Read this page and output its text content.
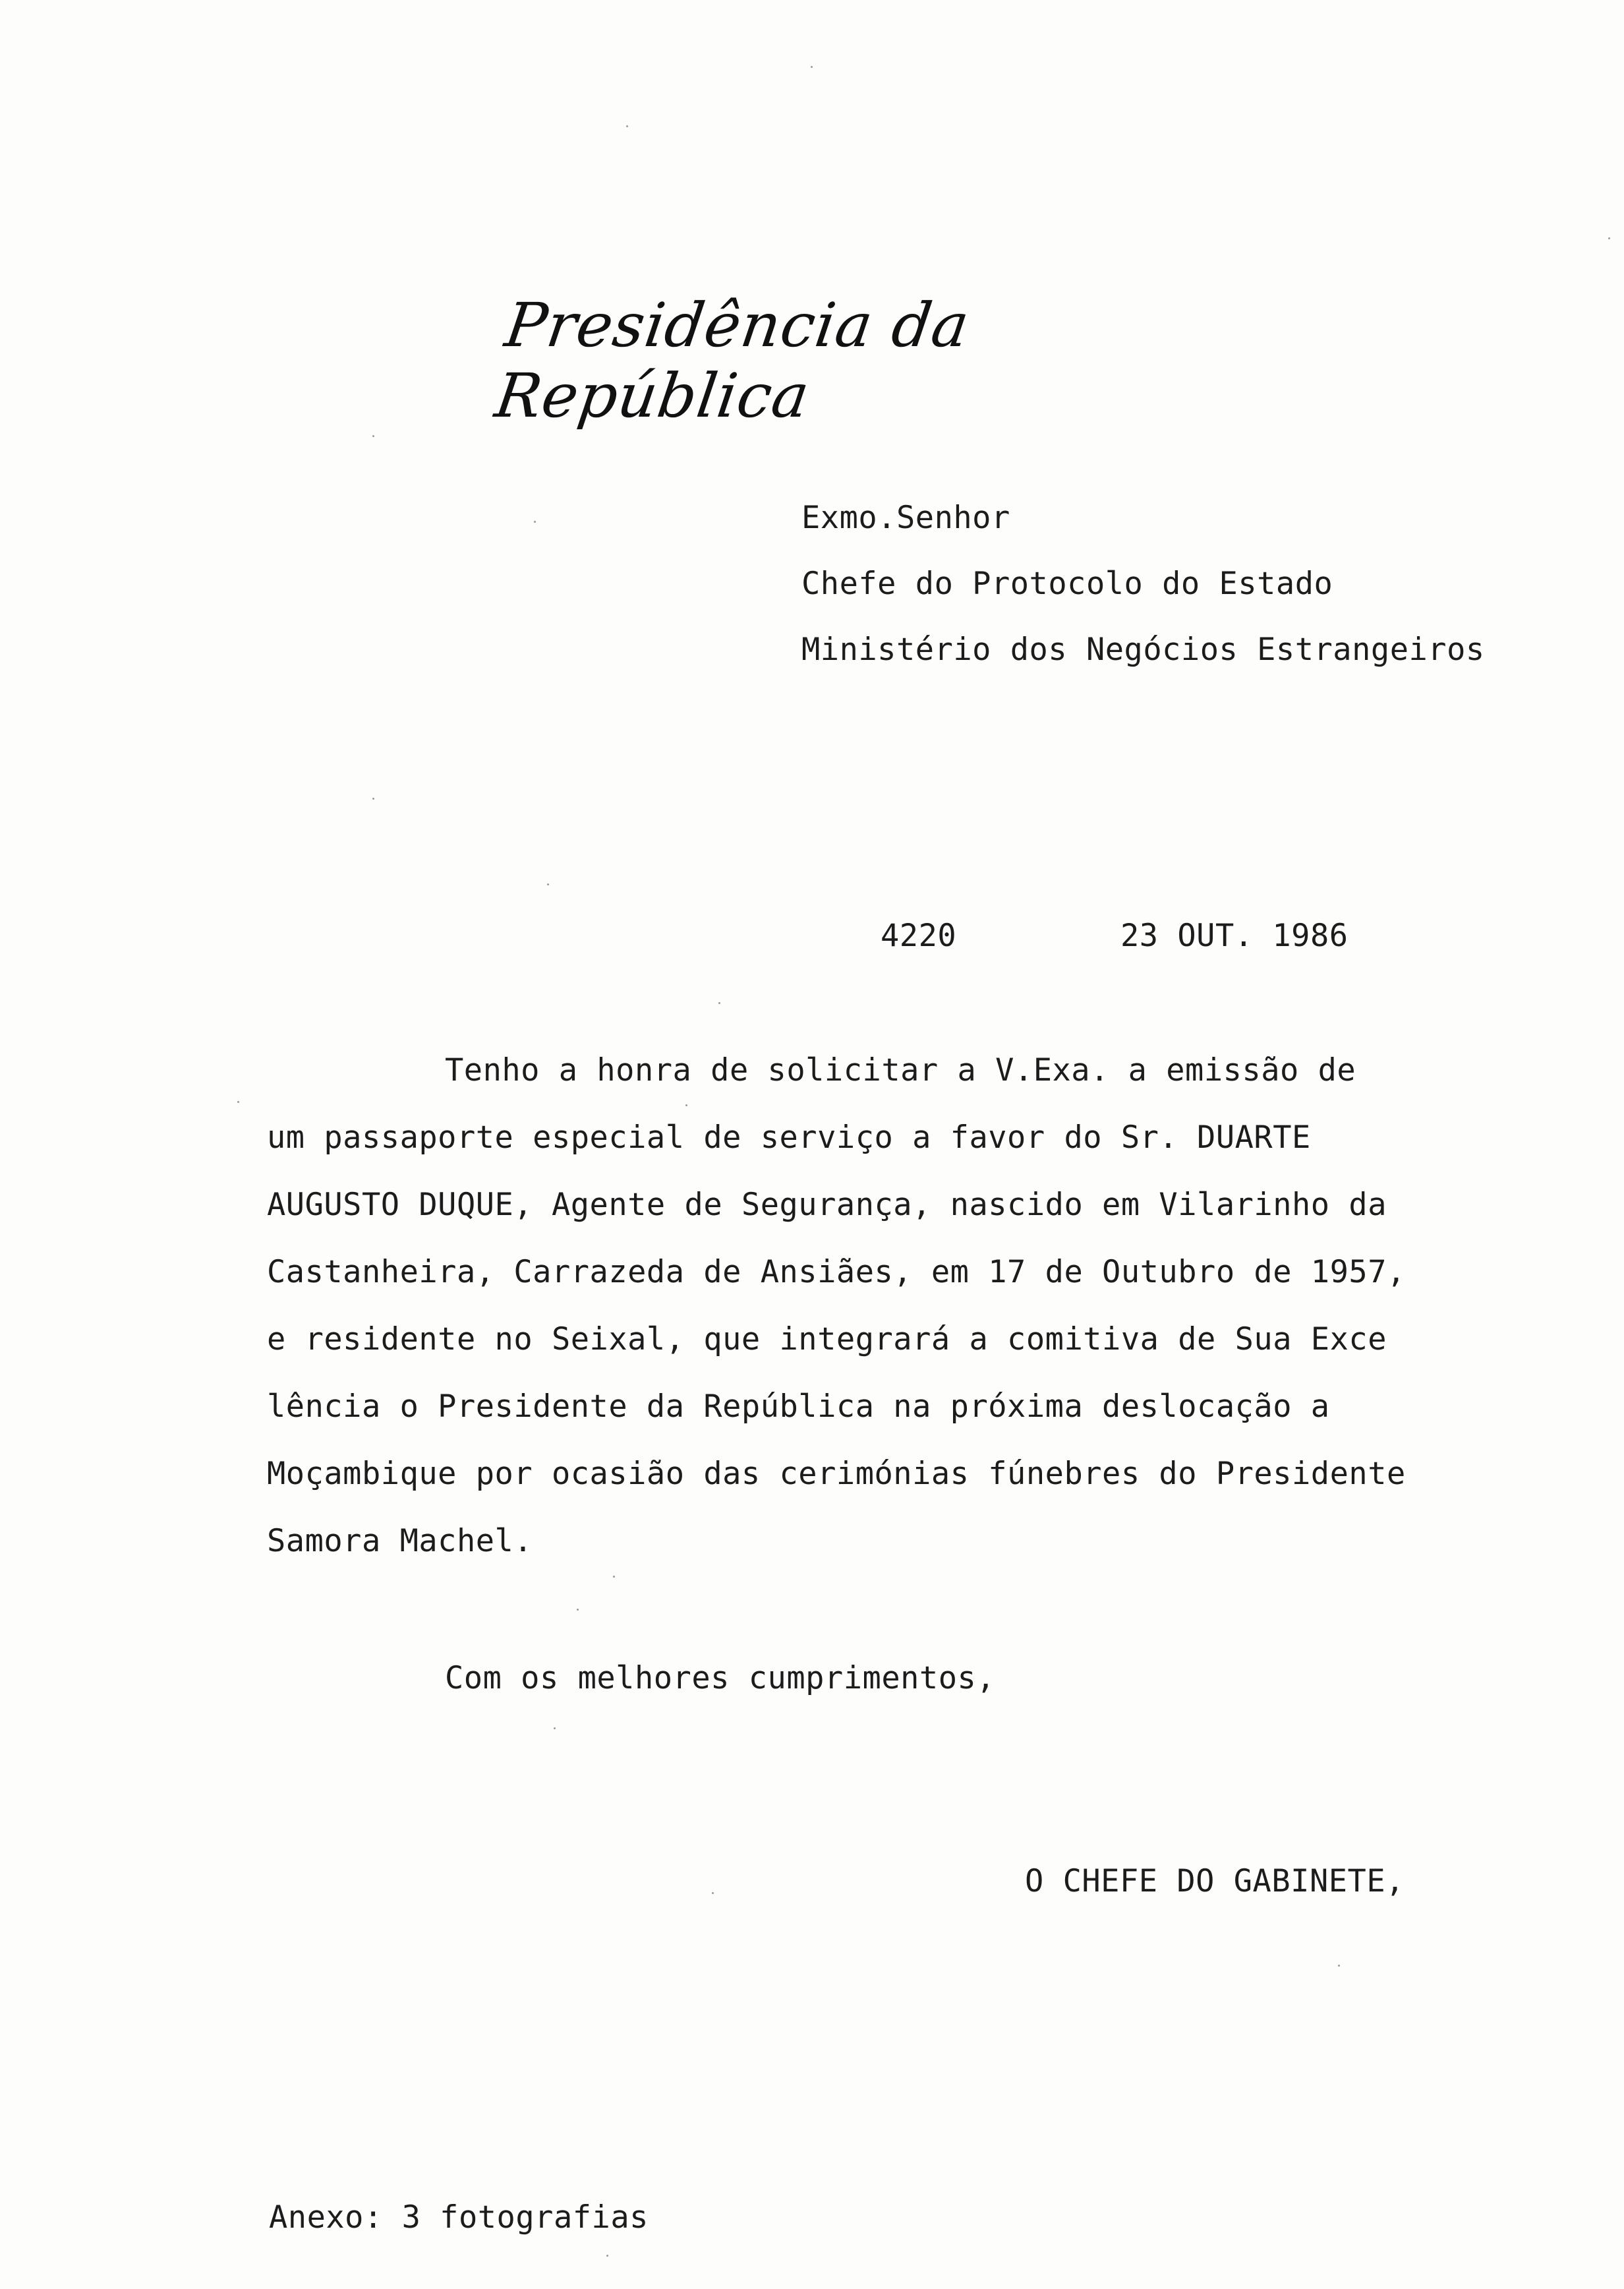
Presidência da República
Exmo.Senhor
Chefe do Protocolo do Estado
Ministério dos Negócios Estrangeiros
4220	23 OUT. 1986
Tenho a honra de solicitar a V.Exa. a emissão de
um passaporte especial de serviço a favor do Sr. DUARTE
AUGUSTO DUQUE, Agente de Segurança, nascido em Vilarinho da
Castanheira, Carrazeda de Ansiães, em 17 de Outubro de 1957,
e residente no Seixal, que integrará a comitiva de Sua Exce
lência o Presidente da República na próxima deslocação a
Moçambique por ocasião das cerimónias fúnebres do Presidente
Samora Machel.
Com os melhores cumprimentos,
O CHEFE DO GABINETE,
Anexo: 3 fotografias
